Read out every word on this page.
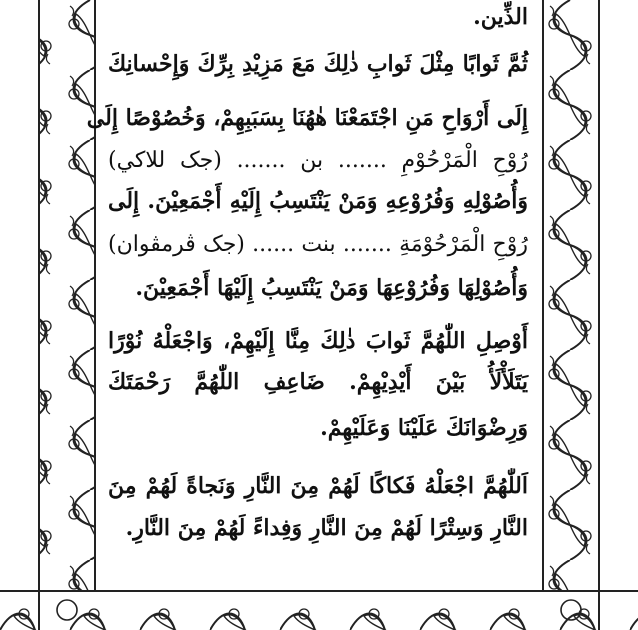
الذِّين.
ثُمَّ ثَوابًا مِثْلَ ثَوابِ ذٰلِكَ مَعَ مَزِيْدِ بِرِّكَ وَإِحْسانِكَ
إِلَى أَرْوَاحِ مَنِ اجْتَمَعْنَا هٰهُنَا بِسَبَبِهِمْ، وَخُصُوْصًا إِلَى
رُوْحِ الْمَرْحُوْمِ ....... بن ....... (جک للاکي)
وَأُصُوْلِهِ وَفُرُوْعِهِ وَمَنْ يَنْتَسِبُ إِلَيْهِ أَجْمَعِيْنَ. إِلَى
رُوْحِ الْمَرْحُوْمَةِ ....... بنت ...... (جک ڤرمڤوان)
وَأُصُوْلِهَا وَفُرُوْعِهَا وَمَنْ يَنْتَسِبُ إِلَيْهَا أَجْمَعِيْنَ.
أَوْصِلِ اللّٰهُمَّ ثَوابَ ذٰلِكَ مِنَّا إِلَيْهِمْ، وَاجْعَلْهُ نُوْرًا
يَتَلَأْلَأُ بَيْنَ أَيْدِيْهِمْ. ضَاعِفِ اللّٰهُمَّ رَحْمَتَكَ
وَرِضْوَانَكَ عَلَيْنَا وَعَلَيْهِمْ.
اَللّٰهُمَّ اجْعَلْهُ فَكاكًا لَهُمْ مِنَ النَّارِ وَنَجاةً لَهُمْ مِنَ
النَّارِ وَسِتْرًا لَهُمْ مِنَ النَّارِ وَفِداءً لَهُمْ مِنَ النَّارِ.
